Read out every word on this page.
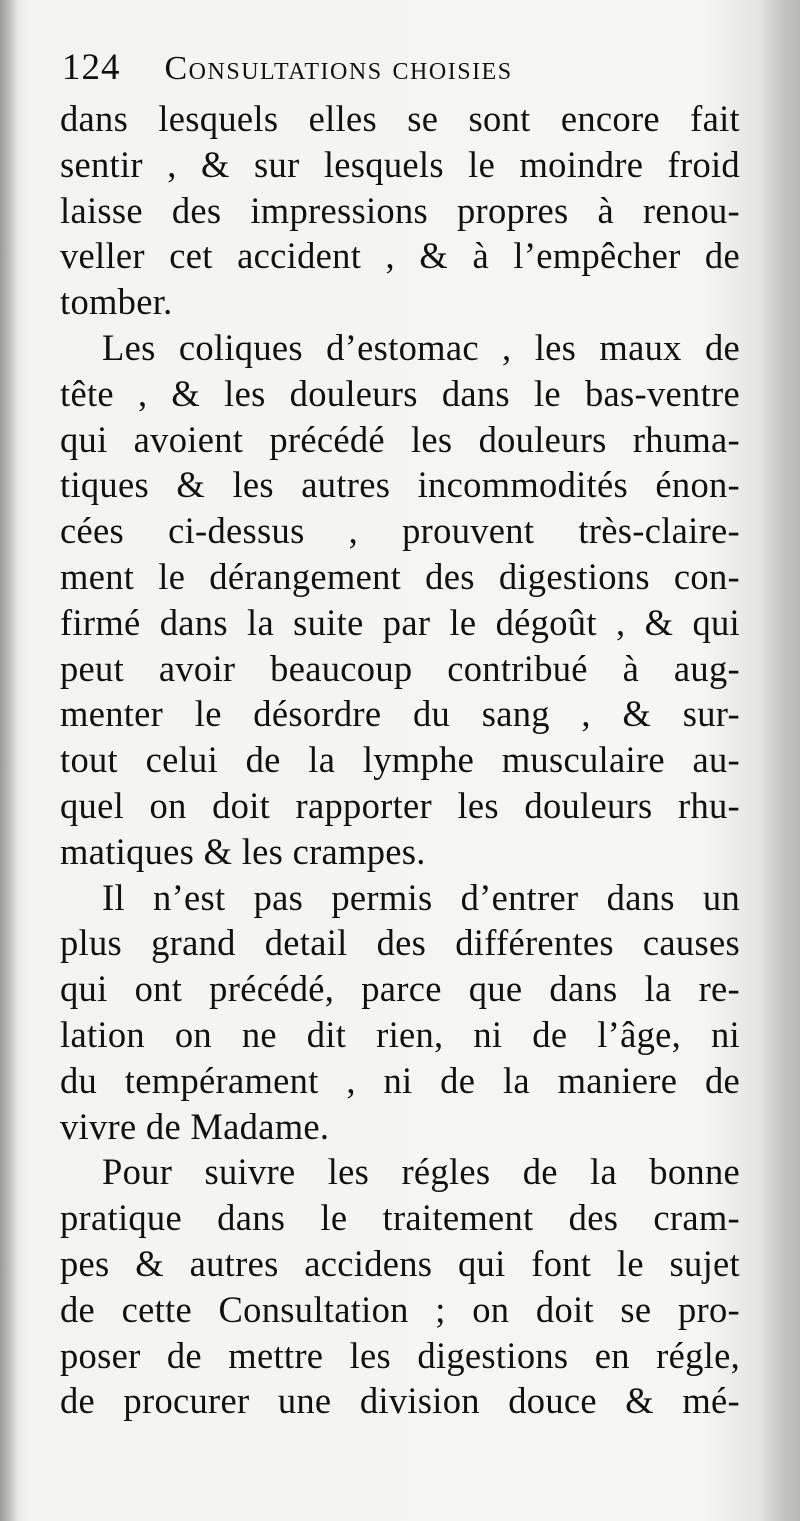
124 Consultations choisies
dans lesquels elles se sont encore fait
sentir , & sur lesquels le moindre froid
laisse des impressions propres à renou-
veller cet accident , & à l’empêcher de
tomber.
Les coliques d’estomac , les maux de
tête , & les douleurs dans le bas-ventre
qui avoient précédé les douleurs rhuma-
tiques & les autres incommodités énon-
cées ci-dessus , prouvent très-claire-
ment le dérangement des digestions con-
firmé dans la suite par le dégoût , & qui
peut avoir beaucoup contribué à aug-
menter le désordre du sang , & sur-
tout celui de la lymphe musculaire au-
quel on doit rapporter les douleurs rhu-
matiques & les crampes.
Il n’est pas permis d’entrer dans un
plus grand detail des différentes causes
qui ont précédé, parce que dans la re-
lation on ne dit rien, ni de l’âge, ni
du tempérament , ni de la maniere de
vivre de Madame.
Pour suivre les régles de la bonne
pratique dans le traitement des cram-
pes & autres accidens qui font le sujet
de cette Consultation ; on doit se pro-
poser de mettre les digestions en régle,
de procurer une division douce & mé-
